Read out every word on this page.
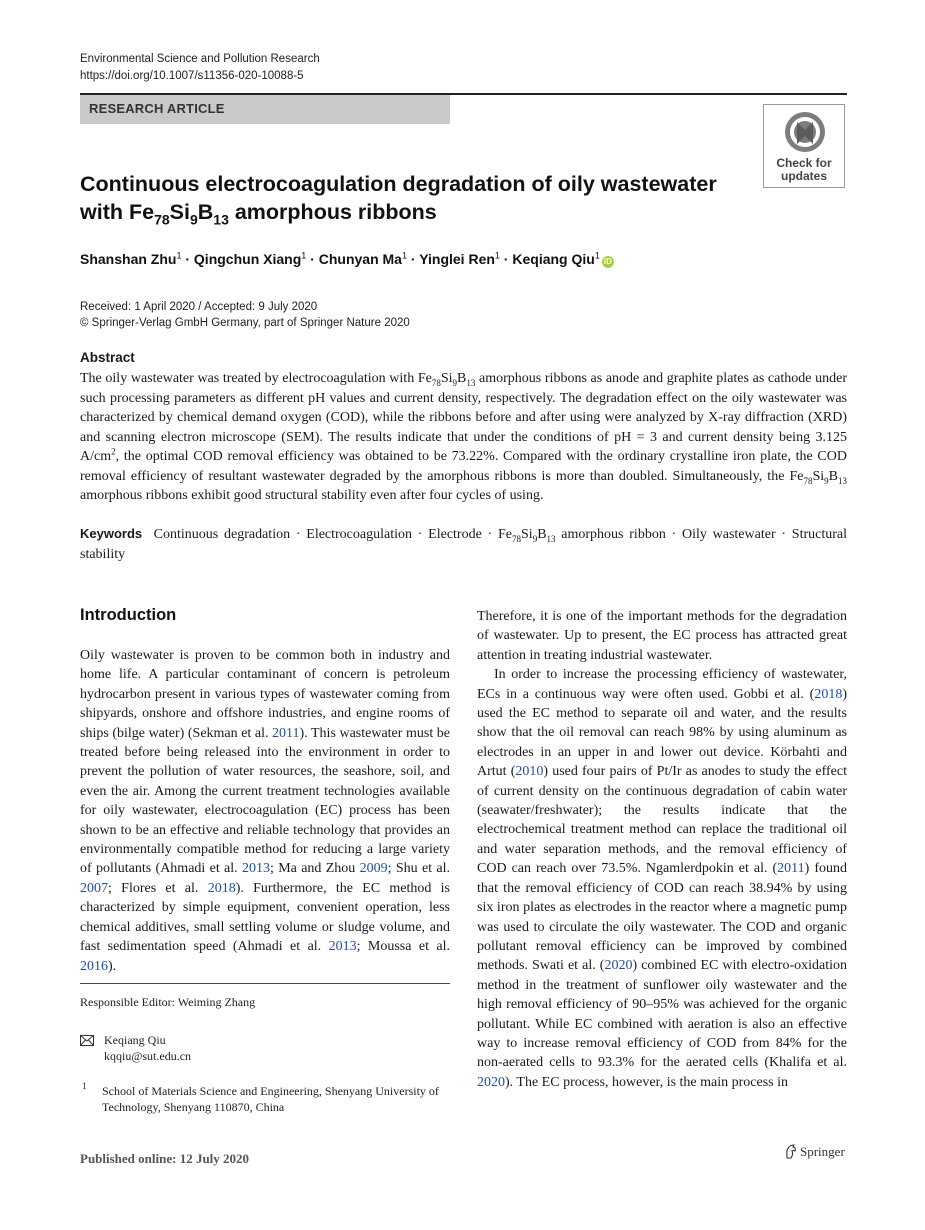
Environmental Science and Pollution Research
https://doi.org/10.1007/s11356-020-10088-5
RESEARCH ARTICLE
Check for
updates
Continuous electrocoagulation degradation of oily wastewater
with $Fe_{78}Si_9B_{13}$ amorphous ribbons
Shanshan Zhu$^1$ · Qingchun Xiang$^1$ · Chunyan $Ma^1$ · Yinglei Ren$^1$ · Keqiang Qiu$^1$iD
Received: 1 April 2020 / Accepted: 9 July 2020
© Springer-Verlag GmbH Germany, part of Springer Nature 2020
Abstract
The oily wastewater was treated by electrocoagulation with $Fe_{78}Si_9B_{13}$ amorphous ribbons as anode and graphite plates as cathode under such processing parameters as different pH values and current density, respectively. The degradation effect on the oily wastewater was characterized by chemical demand oxygen (COD), while the ribbons before and after using were analyzed by X-ray diffraction (XRD) and scanning electron microscope (SEM). The results indicate that under the conditions of pH = 3 and current density being 3.125 $A/cm^2$, the optimal COD removal efficiency was obtained to be 73.22%. Compared with the ordinary crystalline iron plate, the COD removal efficiency of resultant wastewater degraded by the amorphous ribbons is more than doubled. Simultaneously, the $Fe_{78}Si_9B_{13}$ amorphous ribbons exhibit good structural stability even after four cycles of using.
Keywords Continuous degradation · Electrocoagulation · Electrode · $Fe_{78}Si_9B_{13}$ amorphous ribbon · Oily wastewater · Structural stability
Introduction

Oily wastewater is proven to be common both in industry and home life. A particular contaminant of concern is petroleum hydrocarbon present in various types of wastewater coming from shipyards, onshore and offshore industries, and engine rooms of ships (bilge water) (Sekman et al. 2011). This wastewater must be treated before being released into the environment in order to prevent the pollution of water resources, the seashore, soil, and even the air. Among the current treatment technologies available for oily wastewater, electrocoagulation (EC) process has been shown to be an effective and reliable technology that provides an environmentally compatible method for reducing a large variety of pollutants (Ahmadi et al. 2013; Ma and Zhou 2009; Shu et al. 2007; Flores et al. 2018). Furthermore, the EC method is characterized by simple equipment, convenient operation, less chemical additives, small settling volume or sludge volume, and fast sedimentation speed (Ahmadi et al. 2013; Moussa et al. 2016).

Therefore, it is one of the important methods for the degradation of wastewater. Up to present, the EC process has attracted great attention in treating industrial wastewater.

In order to increase the processing efficiency of wastewater, ECs in a continuous way were often used. Gobbi et al. (2018) used the EC method to separate oil and water, and the results show that the oil removal can reach 98% by using aluminum as electrodes in an upper in and lower out device. Körbahti and Artut (2010) used four pairs of Pt/Ir as anodes to study the effect of current density on the continuous degradation of cabin water (seawater/freshwater); the results indicate that the electrochemical treatment method can replace the traditional oil and water separation methods, and the removal efficiency of COD can reach over 73.5%. Ngamlerdpokin et al. (2011) found that the removal efficiency of COD can reach 38.94% by using six iron plates as electrodes in the reactor where a magnetic pump was used to circulate the oily wastewater. The COD and organic pollutant removal efficiency can be improved by combined methods. Swati et al. (2020) combined EC with electro-oxidation method in the treatment of sunflower oily wastewater and the high removal efficiency of 90–95% was achieved for the organic pollutant. While EC combined with aeration is also an effective way to increase removal efficiency of COD from 84% for the non-aerated cells to 93.3% for the aerated cells (Khalifa et al. 2020). The EC process, however, is the main process in

Responsible Editor: Weiming Zhang
Keqiang Qiu
kqqiu@sut.edu.cn
1 School of Materials Science and Engineering, Shenyang University of Technology, Shenyang 110870, China
Published online: 12 July 2020	Springer
